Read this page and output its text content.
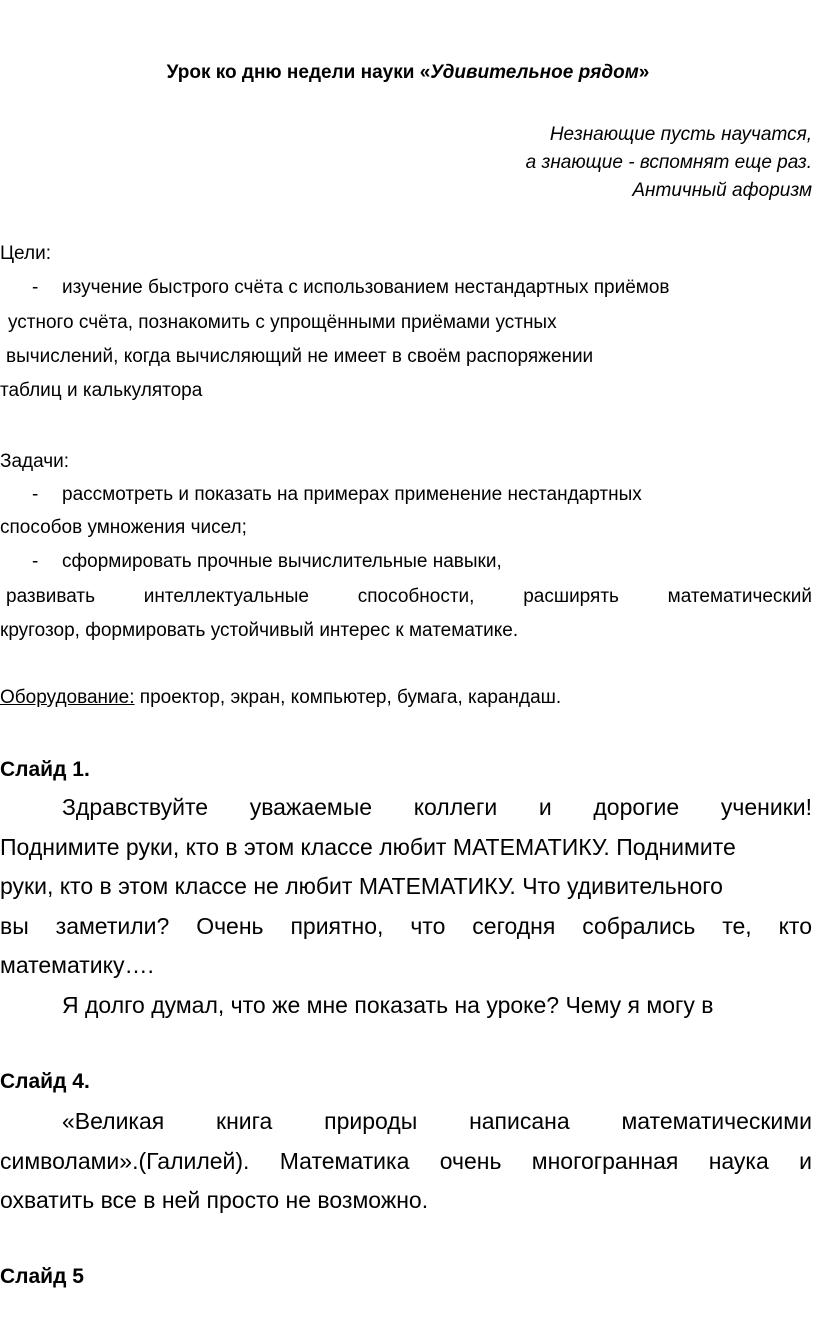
Урок ко дню недели науки «Удивительное рядом»
Незнающие пусть научатся,
а знающие - вспомнят еще раз.
Античный афоризм
Цели:
- изучение быстрого счёта с использованием нестандартных приёмов
устного счёта, познакомить с упрощёнными приёмами устных
вычислений, когда вычисляющий не имеет в своём распоряжении
таблиц и калькулятора
Задачи:
- рассмотреть и показать на примерах применение нестандартных
способов умножения чисел;
- сформировать прочные вычислительные навыки,
развивать	интеллектуальные	способности,	расширять	математический
кругозор, формировать устойчивый интерес к математике.
Оборудование: проектор, экран, компьютер, бумага, карандаш.
Слайд 1.
Здравствуйте уважаемые коллеги и дорогие ученики!
Поднимите руки, кто в этом классе любит МАТЕМАТИКУ. Поднимите
руки, кто в этом классе не любит МАТЕМАТИКУ. Что удивительного
вы заметили? Очень приятно, что сегодня собрались те, кто
математику….
Я долго думал, что же мне показать на уроке? Чему я могу в
Слайд 4.
«Великая книга природы написана математическими
символами».(Галилей). Математика очень многогранная наука и
охватить все в ней просто не возможно.
Слайд 5
